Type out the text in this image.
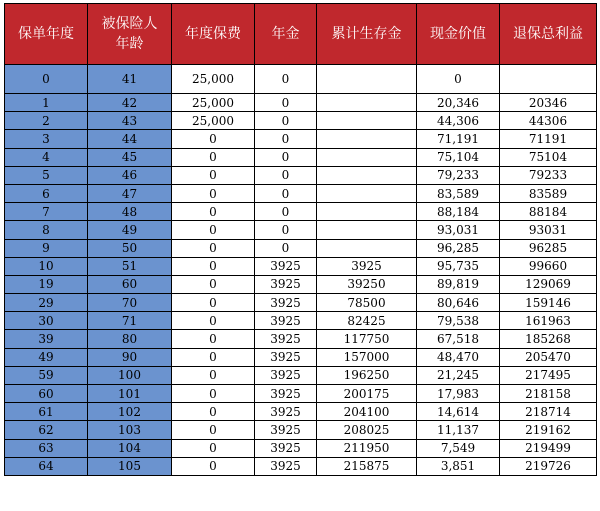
保单年度	被保险人年龄	年度保费	年金	累计生存金	现金价值	退保总利益
0	41	25,000	0		0	
1	42	25,000	0		20,346	20346
2	43	25,000	0		44,306	44306
3	44	0	0		71,191	71191
4	45	0	0		75,104	75104
5	46	0	0		79,233	79233
6	47	0	0		83,589	83589
7	48	0	0		88,184	88184
8	49	0	0		93,031	93031
9	50	0	0		96,285	96285
10	51	0	3925	3925	95,735	99660
19	60	0	3925	39250	89,819	129069
29	70	0	3925	78500	80,646	159146
30	71	0	3925	82425	79,538	161963
39	80	0	3925	117750	67,518	185268
49	90	0	3925	157000	48,470	205470
59	100	0	3925	196250	21,245	217495
60	101	0	3925	200175	17,983	218158
61	102	0	3925	204100	14,614	218714
62	103	0	3925	208025	11,137	219162
63	104	0	3925	211950	7,549	219499
64	105	0	3925	215875	3,851	219726
